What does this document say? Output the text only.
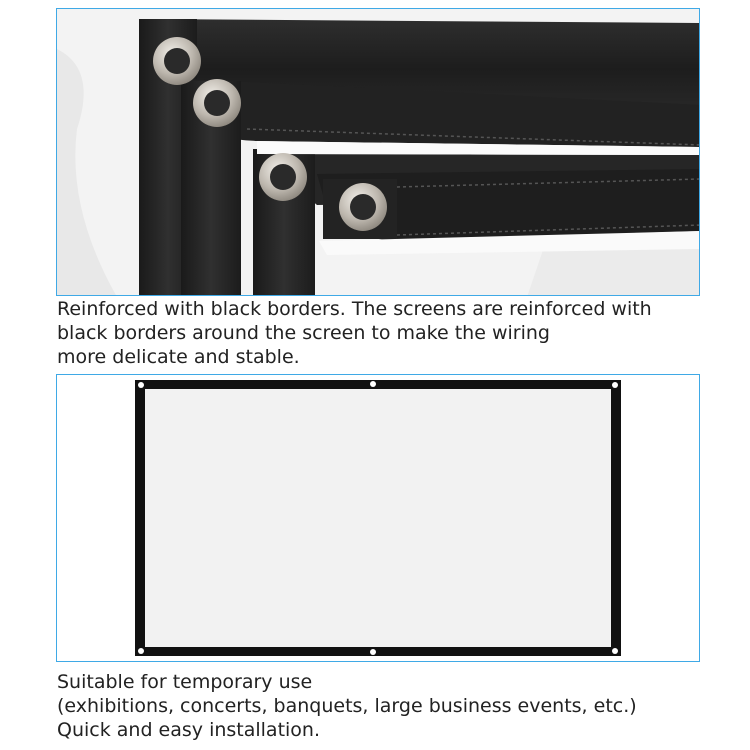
Reinforced with black borders. The screens are reinforced with
black borders around the screen to make the wiring
more delicate and stable.
Suitable for temporary use
(exhibitions, concerts, banquets, large business events, etc.)
Quick and easy installation.
